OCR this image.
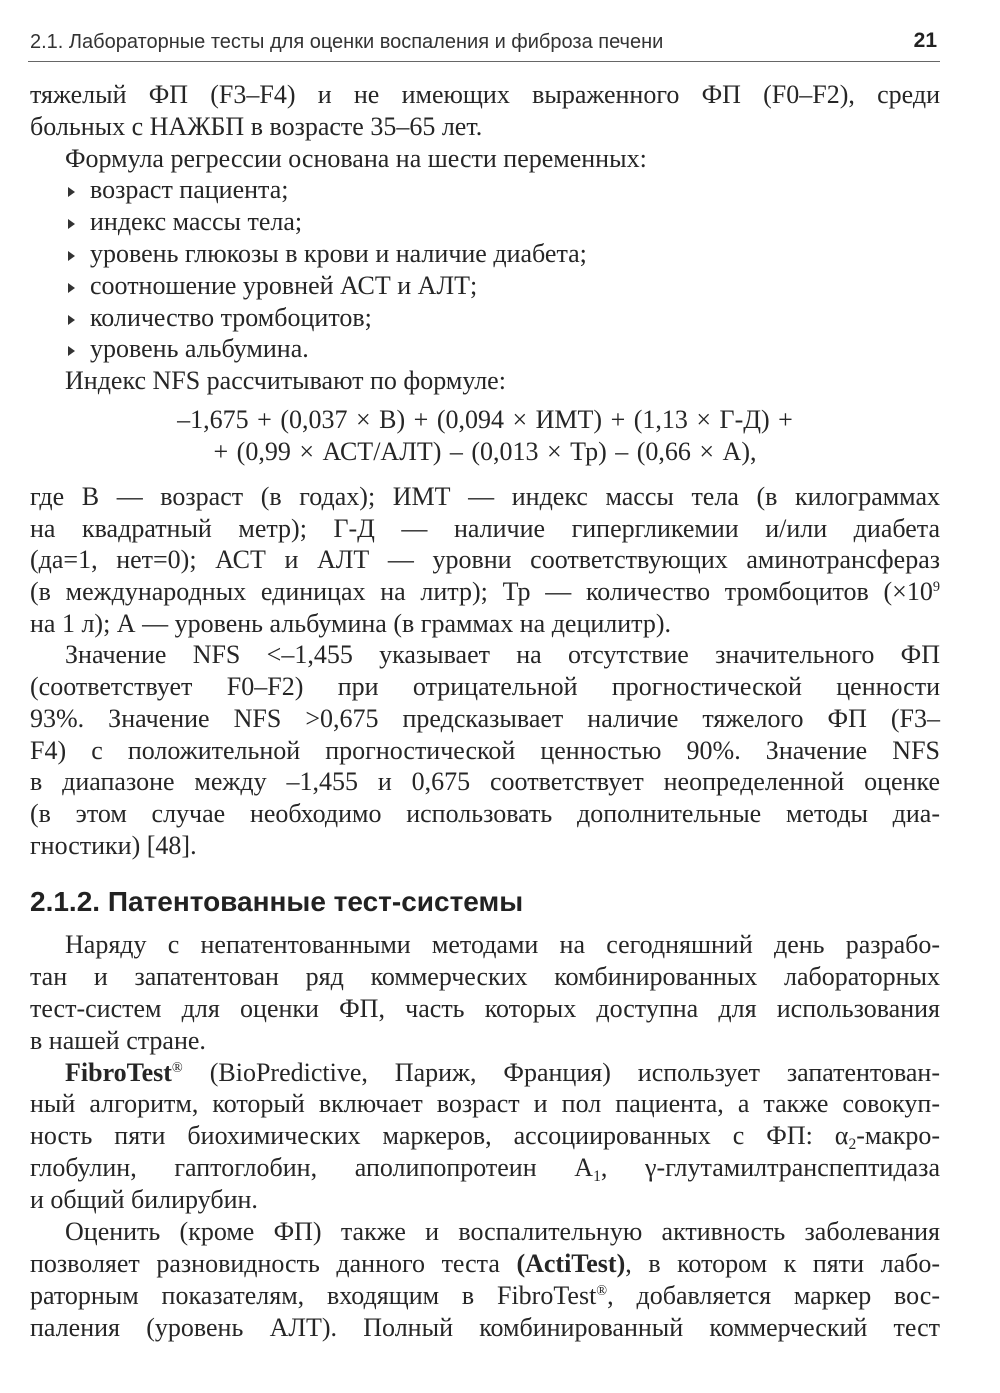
2.1. Лабораторные тесты для оценки воспаления и фиброза печени	21
тяжелый ФП (F3–F4) и не имеющих выраженного ФП (F0–F2), среди
больных с НАЖБП в возрасте 35–65 лет.
Формула регрессии основана на шести переменных:
возраст пациента;
индекс массы тела;
уровень глюкозы в крови и наличие диабета;
соотношение уровней АСТ и АЛТ;
количество тромбоцитов;
уровень альбумина.
Индекс NFS рассчитывают по формуле:
–1,675 + (0,037 × В) + (0,094 × ИМТ) + (1,13 × Г-Д) +
+ (0,99 × АСТ/АЛТ) – (0,013 × Тр) – (0,66 × А),
где В — возраст (в годах); ИМТ — индекс массы тела (в килограммах
на квадратный метр); Г-Д — наличие гипергликемии и/или диабета
(да=1, нет=0); АСТ и АЛТ — уровни соответствующих аминотрансфераз
(в международных единицах на литр); Тр — количество тромбоцитов ($\times 10^9$
на 1 л); А — уровень альбумина (в граммах на децилитр).
Значение NFS <–1,455 указывает на отсутствие значительного ФП
(соответствует F0–F2) при отрицательной прогностической ценности
93%. Значение NFS >0,675 предсказывает наличие тяжелого ФП (F3–
F4) с положительной прогностической ценностью 90%. Значение NFS
в диапазоне между –1,455 и 0,675 соответствует неопределенной оценке
(в этом случае необходимо использовать дополнительные методы диа-
гностики) [48].
2.1.2. Патентованные тест-системы
Наряду с непатентованными методами на сегодняшний день разрабо-
тан и запатентован ряд коммерческих комбинированных лабораторных
тест-систем для оценки ФП, часть которых доступна для использования
в нашей стране.
FibroTest® (BioPredictive, Париж, Франция) использует запатентован-
ный алгоритм, который включает возраст и пол пациента, а также совокуп-
ность пяти биохимических маркеров, ассоциированных с ФП: α2-макро-
глобулин, гаптоглобин, аполипопротеин A1, γ-глутамилтранспептидаза
и общий билирубин.
Оценить (кроме ФП) также и воспалительную активность заболевания
позволяет разновидность данного теста (ActiTest), в котором к пяти лабо-
раторным показателям, входящим в FibroTest®, добавляется маркер вос-
паления (уровень АЛТ). Полный комбинированный коммерческий тест
